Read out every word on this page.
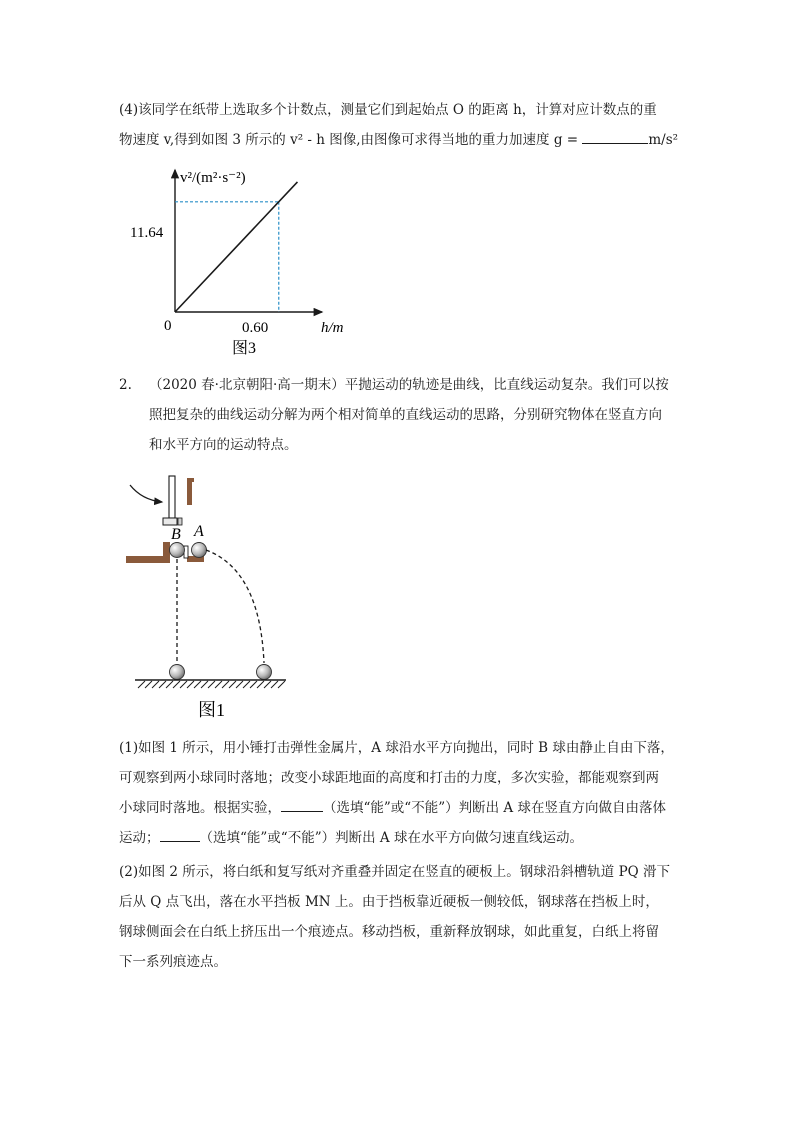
(4)该同学在纸带上选取多个计数点，测量它们到起始点 O 的距离 h，计算对应计数点的重
物速度 v,得到如图 3 所示的 v² - h 图像,由图像可求得当地的重力加速度 g =	m/s²
v²/(m²·s⁻²)
h/m
0
11.64
0.60
图3
2. （2020 春·北京朝阳·高一期末）平抛运动的轨迹是曲线，比直线运动复杂。我们可以按
照把复杂的曲线运动分解为两个相对简单的直线运动的思路，分别研究物体在竖直方向
和水平方向的运动特点。
B A
图1
(1)如图 1 所示，用小锤打击弹性金属片，A 球沿水平方向抛出，同时 B 球由静止自由下落，
可观察到两小球同时落地；改变小球距地面的高度和打击的力度，多次实验，都能观察到两
小球同时落地。根据实验，	（选填“能”或“不能”）判断出 A 球在竖直方向做自由落体
运动；	（选填“能”或“不能”）判断出 A 球在水平方向做匀速直线运动。
(2)如图 2 所示，将白纸和复写纸对齐重叠并固定在竖直的硬板上。钢球沿斜槽轨道 PQ 滑下
后从 Q 点飞出，落在水平挡板 MN 上。由于挡板靠近硬板一侧较低，钢球落在挡板上时，
钢球侧面会在白纸上挤压出一个痕迹点。移动挡板，重新释放钢球，如此重复，白纸上将留
下一系列痕迹点。
